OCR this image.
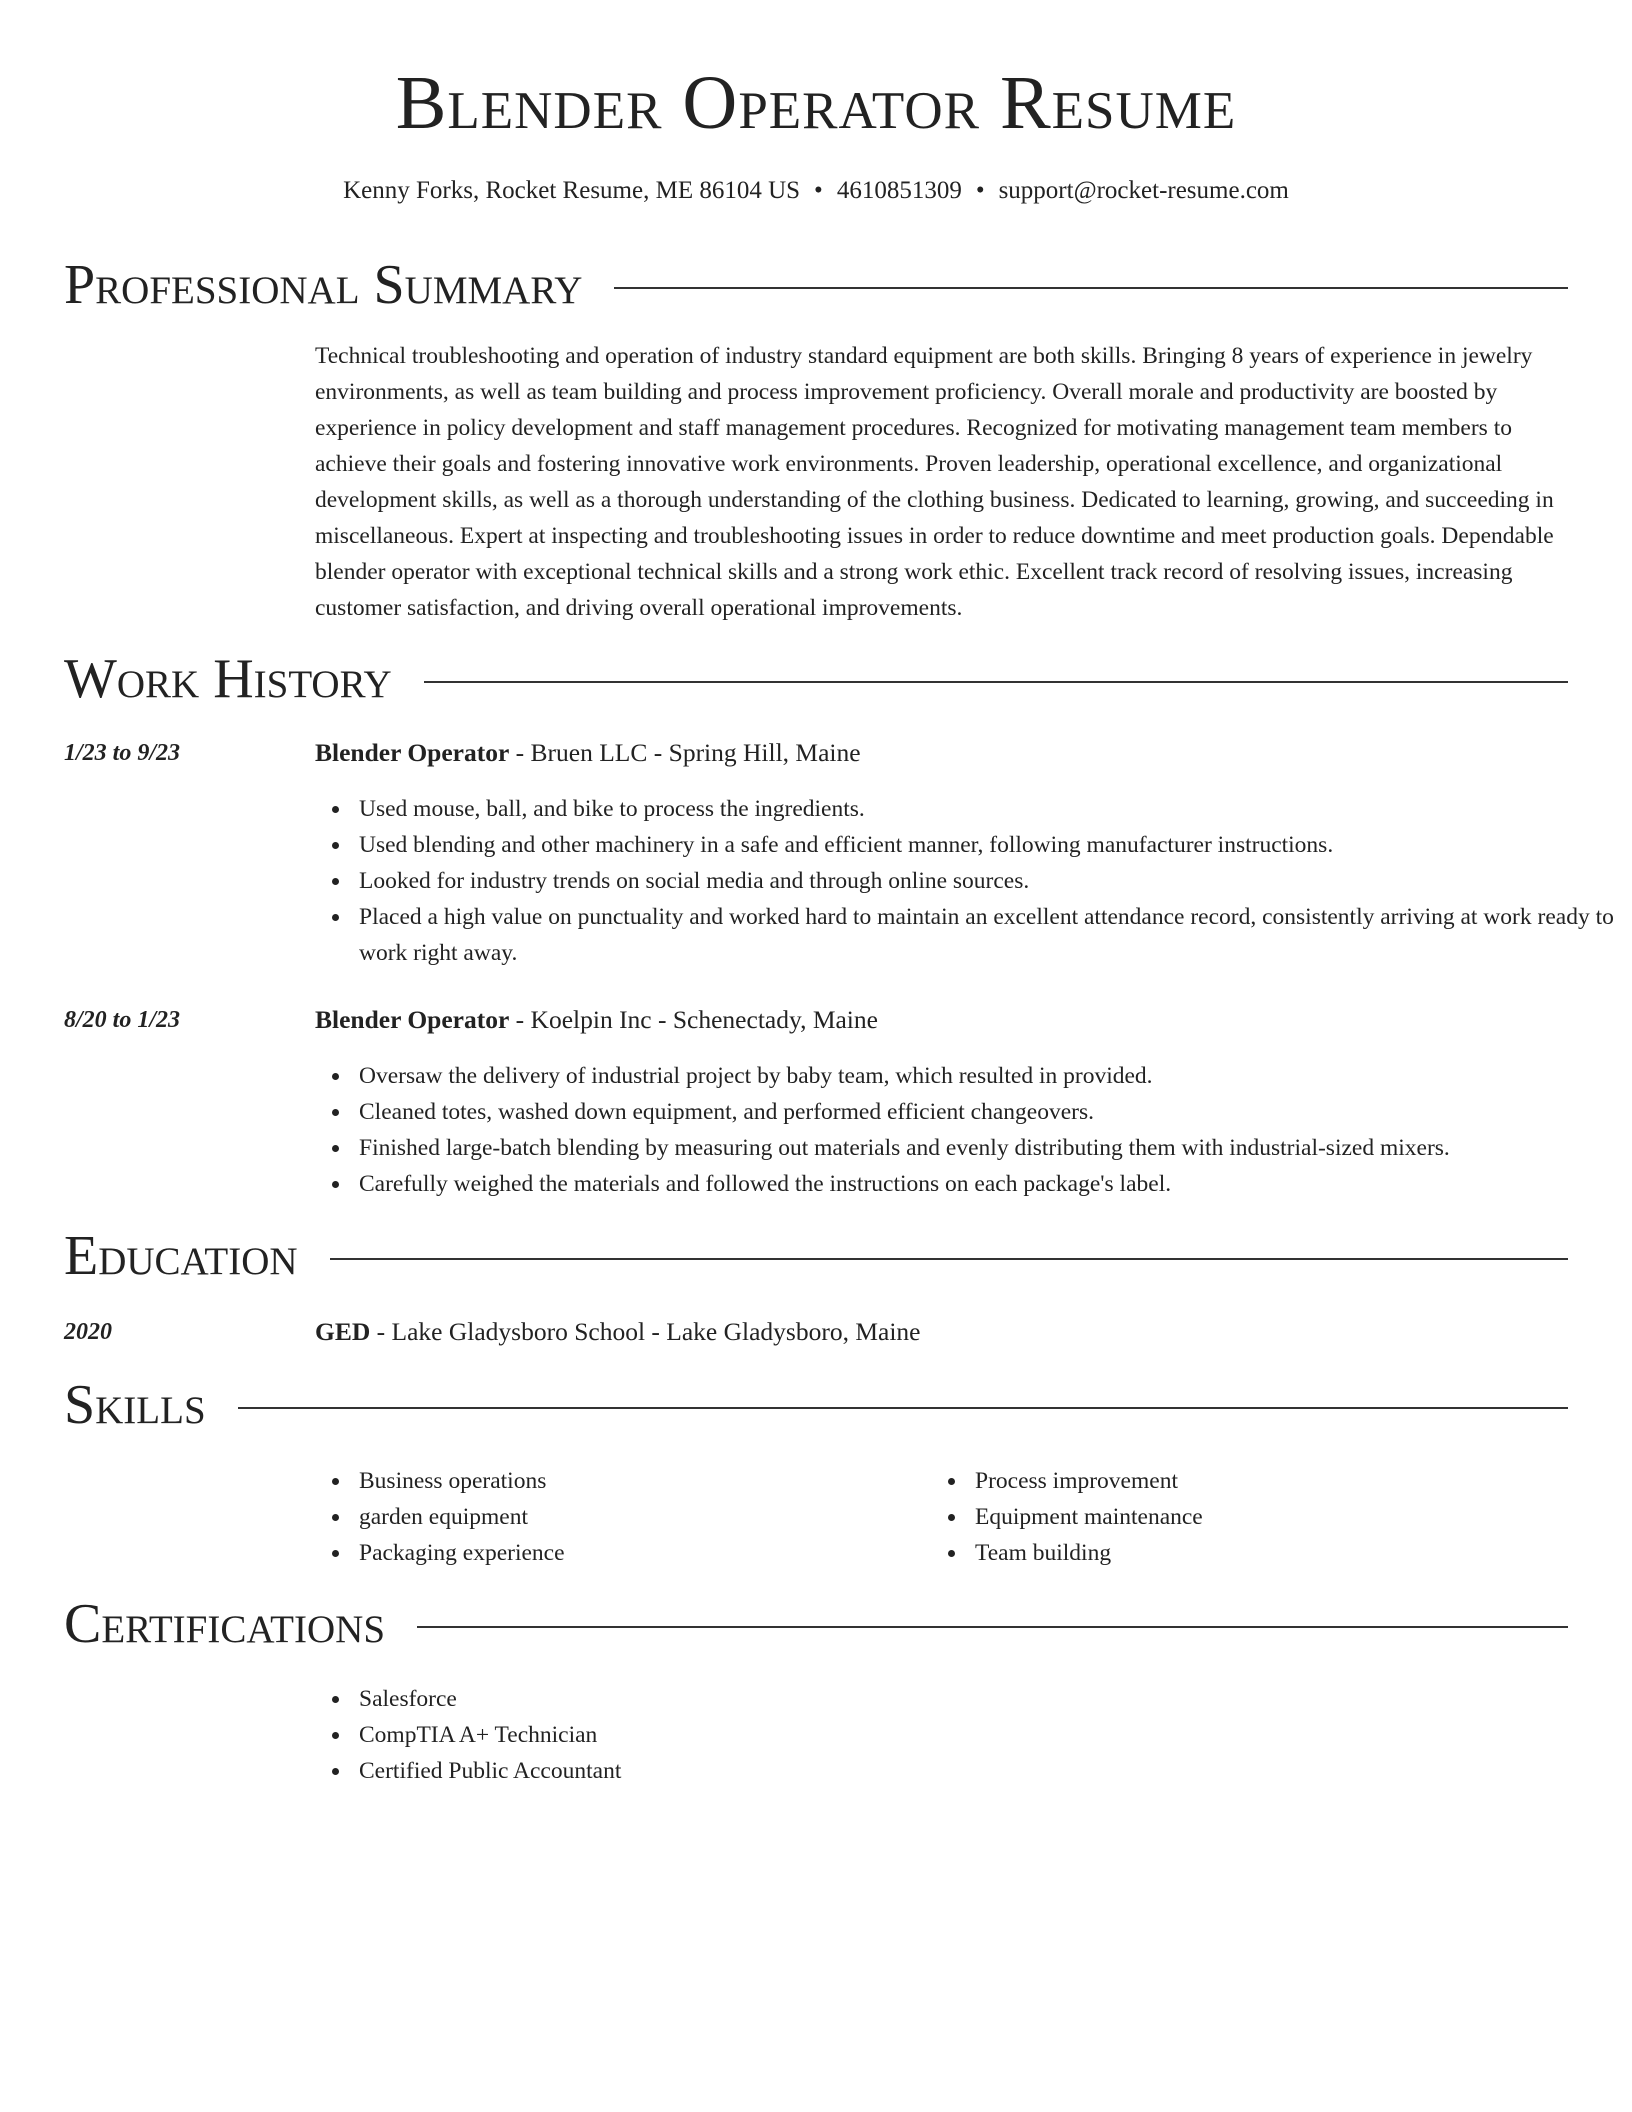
Blender Operator Resume
Kenny Forks, Rocket Resume, ME 86104 US • 4610851309 • support@rocket-resume.com
Professional Summary

Technical troubleshooting and operation of industry standard equipment are both skills. Bringing 8 years of experience in jewelry environments, as well as team building and process improvement proficiency. Overall morale and productivity are boosted by experience in policy development and staff management procedures. Recognized for motivating management team members to achieve their goals and fostering innovative work environments. Proven leadership, operational excellence, and organizational development skills, as well as a thorough understanding of the clothing business. Dedicated to learning, growing, and succeeding in miscellaneous. Expert at inspecting and troubleshooting issues in order to reduce downtime and meet production goals. Dependable blender operator with exceptional technical skills and a strong work ethic. Excellent track record of resolving issues, increasing customer satisfaction, and driving overall operational improvements.

Work History
1/23 to 9/23	Blender Operator - Bruen LLC - Spring Hill, Maine
Used mouse, ball, and bike to process the ingredients.
Used blending and other machinery in a safe and efficient manner, following manufacturer instructions.
Looked for industry trends on social media and through online sources.
Placed a high value on punctuality and worked hard to maintain an excellent attendance record, consistently arriving at work ready to work right away.
8/20 to 1/23	Blender Operator - Koelpin Inc - Schenectady, Maine
Oversaw the delivery of industrial project by baby team, which resulted in provided.
Cleaned totes, washed down equipment, and performed efficient changeovers.
Finished large-batch blending by measuring out materials and evenly distributing them with industrial-sized mixers.
Carefully weighed the materials and followed the instructions on each package's label.
Education
2020	GED - Lake Gladysboro School - Lake Gladysboro, Maine
Skills
Business operations
garden equipment
Packaging experience
Process improvement
Equipment maintenance
Team building
Certifications
Salesforce
CompTIA A+ Technician
Certified Public Accountant
